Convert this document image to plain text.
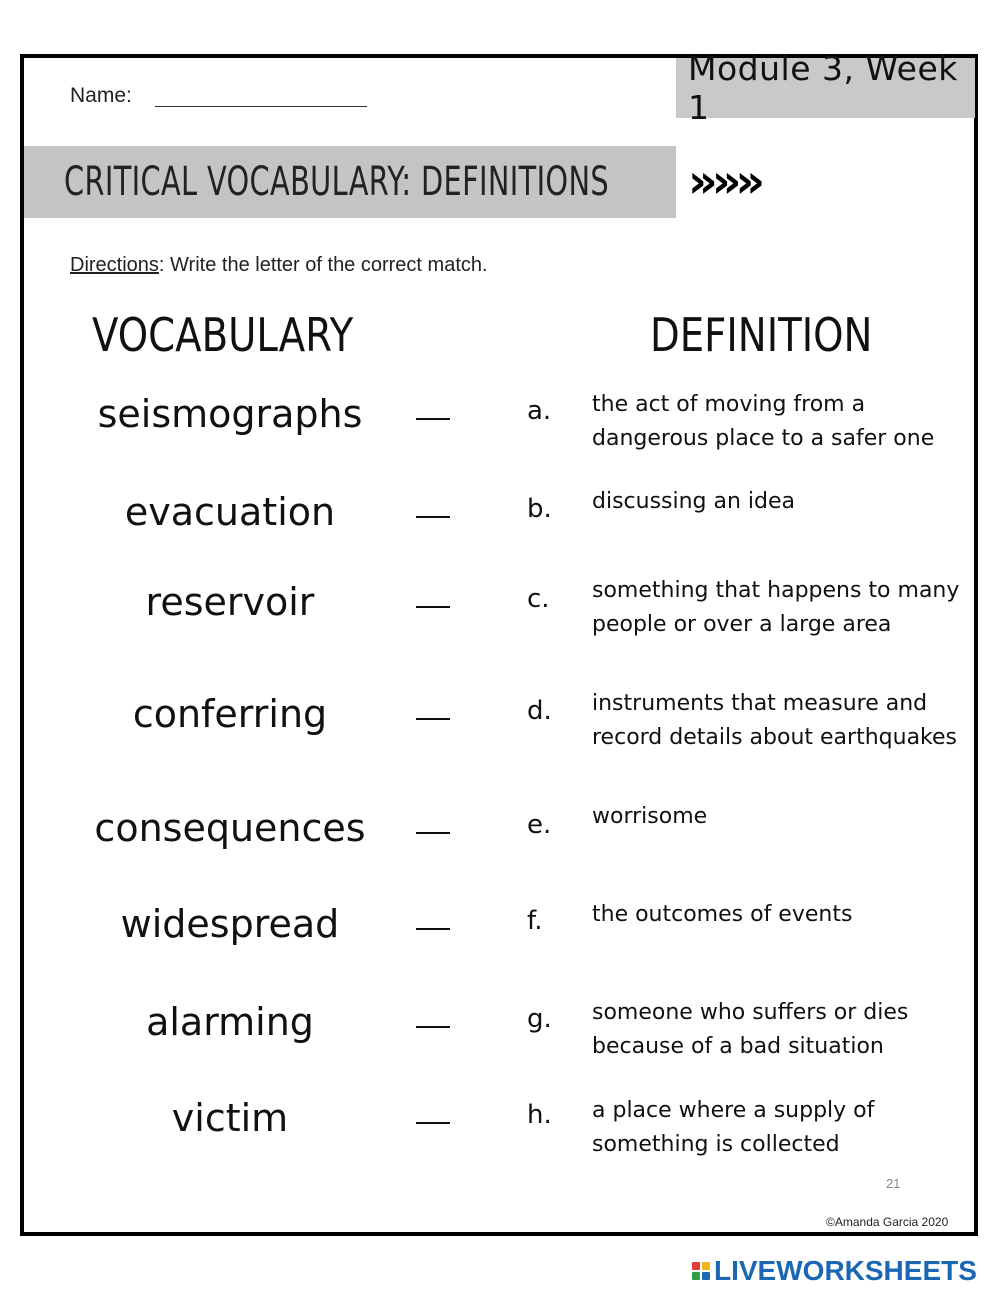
Name:
Module 3, Week 1
CRITICAL VOCABULARY: DEFINITIONS »»»
Directions: Write the letter of the correct match.
VOCABULARY	DEFINITION
seismographs	a. the act of moving from a dangerous place to a safer one
evacuation	b. discussing an idea
reservoir	c. something that happens to many people or over a large area
conferring	d. instruments that measure and record details about earthquakes
consequences	e. worrisome
widespread	f. the outcomes of events
alarming	g. someone who suffers or dies because of a bad situation
victim	h. a place where a supply of something is collected
21
©Amanda Garcia 2020
LIVEWORKSHEETS
